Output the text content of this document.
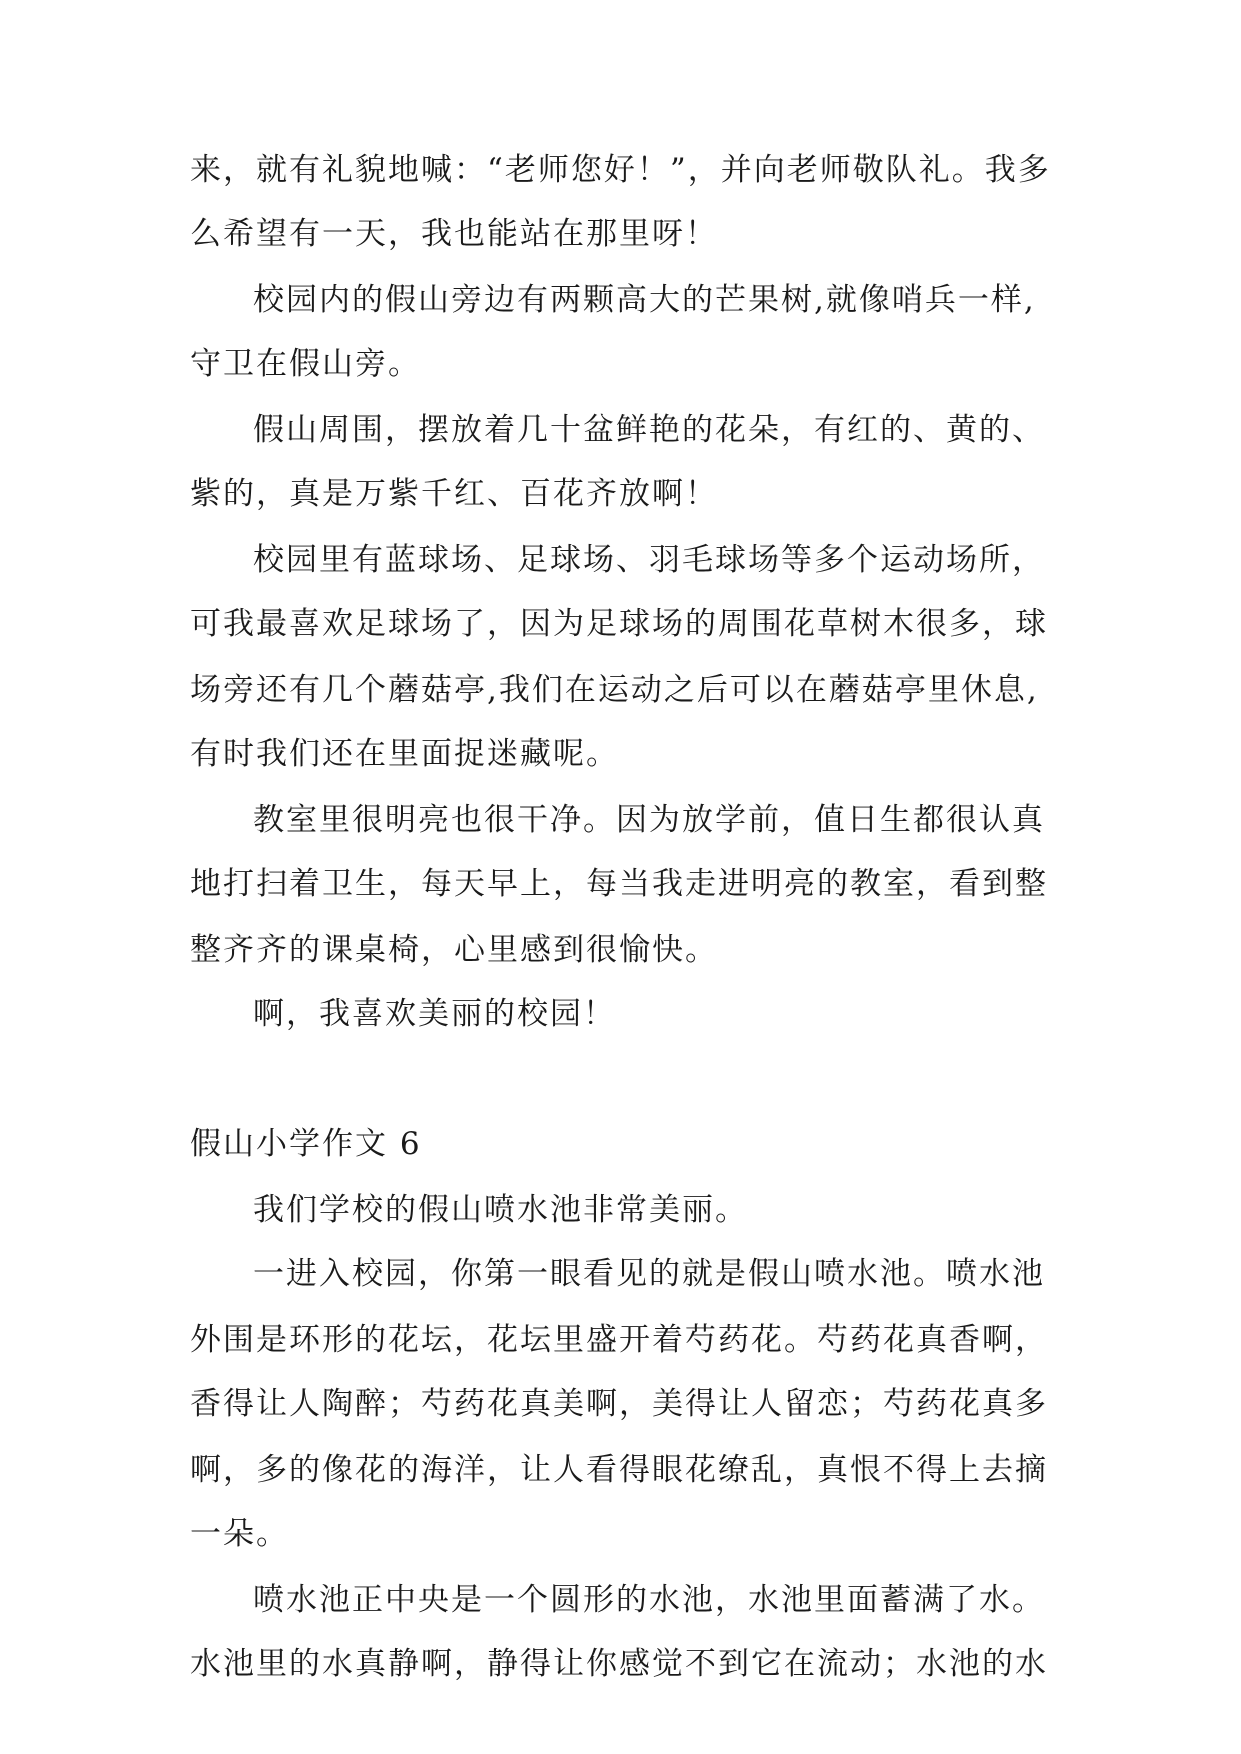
来，就有礼貌地喊：“老师您好！”，并向老师敬队礼。我多
么希望有一天，我也能站在那里呀！
校园内的假山旁边有两颗高大的芒果树,就像哨兵一样,
守卫在假山旁。
假山周围，摆放着几十盆鲜艳的花朵，有红的、黄的、
紫的，真是万紫千红、百花齐放啊！
校园里有蓝球场、足球场、羽毛球场等多个运动场所，
可我最喜欢足球场了，因为足球场的周围花草树木很多，球
场旁还有几个蘑菇亭,我们在运动之后可以在蘑菇亭里休息,
有时我们还在里面捉迷藏呢。
教室里很明亮也很干净。因为放学前，值日生都很认真
地打扫着卫生，每天早上，每当我走进明亮的教室，看到整
整齐齐的课桌椅，心里感到很愉快。
啊，我喜欢美丽的校园！
假山小学作文 6
我们学校的假山喷水池非常美丽。
一进入校园，你第一眼看见的就是假山喷水池。喷水池
外围是环形的花坛，花坛里盛开着芍药花。芍药花真香啊，
香得让人陶醉；芍药花真美啊，美得让人留恋；芍药花真多
啊，多的像花的海洋，让人看得眼花缭乱，真恨不得上去摘
一朵。
喷水池正中央是一个圆形的水池，水池里面蓄满了水。
水池里的水真静啊，静得让你感觉不到它在流动；水池的水
